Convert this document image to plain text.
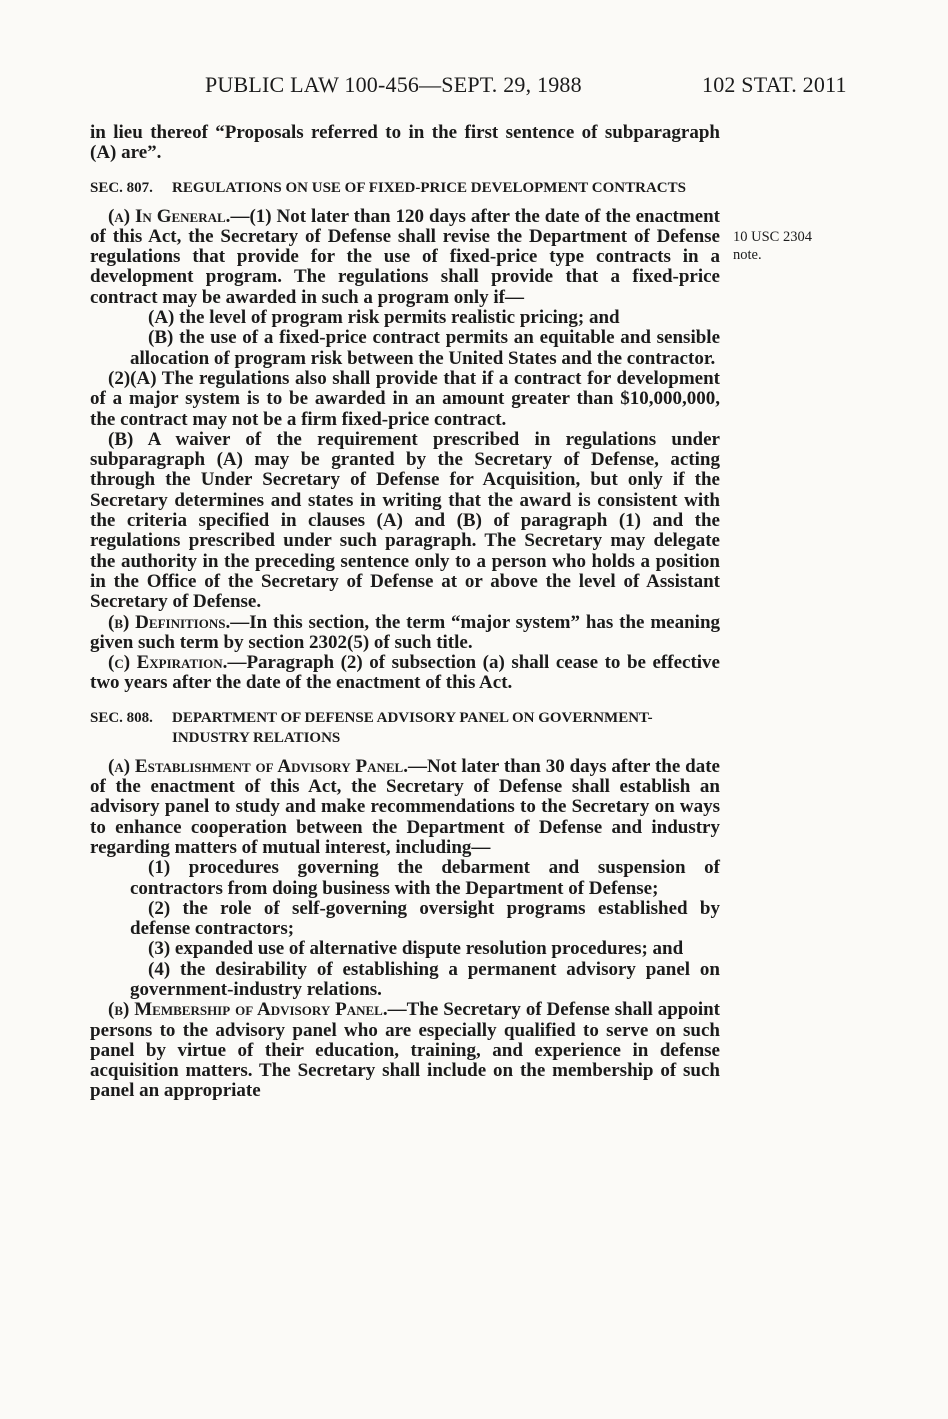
PUBLIC LAW 100-456—SEPT. 29, 1988	102 STAT. 2011
10 USC 2304
note.

in lieu thereof “Proposals referred to in the first sentence of subparagraph (A) are”.

SEC. 807. REGULATIONS ON USE OF FIXED-PRICE DEVELOPMENT CONTRACTS

(a) In General.—(1) Not later than 120 days after the date of the enactment of this Act, the Secretary of Defense shall revise the Department of Defense regulations that provide for the use of fixed-price type contracts in a development program. The regulations shall provide that a fixed-price contract may be awarded in such a program only if—

(A) the level of program risk permits realistic pricing; and

(B) the use of a fixed-price contract permits an equitable and sensible allocation of program risk between the United States and the contractor.

(2)(A) The regulations also shall provide that if a contract for development of a major system is to be awarded in an amount greater than $10,000,000, the contract may not be a firm fixed-price contract.

(B) A waiver of the requirement prescribed in regulations under subparagraph (A) may be granted by the Secretary of Defense, acting through the Under Secretary of Defense for Acquisition, but only if the Secretary determines and states in writing that the award is consistent with the criteria specified in clauses (A) and (B) of paragraph (1) and the regulations prescribed under such paragraph. The Secretary may delegate the authority in the preceding sentence only to a person who holds a position in the Office of the Secretary of Defense at or above the level of Assistant Secretary of Defense.

(b) Definitions.—In this section, the term “major system” has the meaning given such term by section 2302(5) of such title.

(c) Expiration.—Paragraph (2) of subsection (a) shall cease to be effective two years after the date of the enactment of this Act.

SEC. 808. DEPARTMENT OF DEFENSE ADVISORY PANEL ON GOVERNMENT-INDUSTRY RELATIONS

(a) Establishment of Advisory Panel.—Not later than 30 days after the date of the enactment of this Act, the Secretary of Defense shall establish an advisory panel to study and make recommendations to the Secretary on ways to enhance cooperation between the Department of Defense and industry regarding matters of mutual interest, including—

(1) procedures governing the debarment and suspension of contractors from doing business with the Department of Defense;

(2) the role of self-governing oversight programs established by defense contractors;

(3) expanded use of alternative dispute resolution procedures; and

(4) the desirability of establishing a permanent advisory panel on government-industry relations.

(b) Membership of Advisory Panel.—The Secretary of Defense shall appoint persons to the advisory panel who are especially qualified to serve on such panel by virtue of their education, training, and experience in defense acquisition matters. The Secretary shall include on the membership of such panel an appropriate
